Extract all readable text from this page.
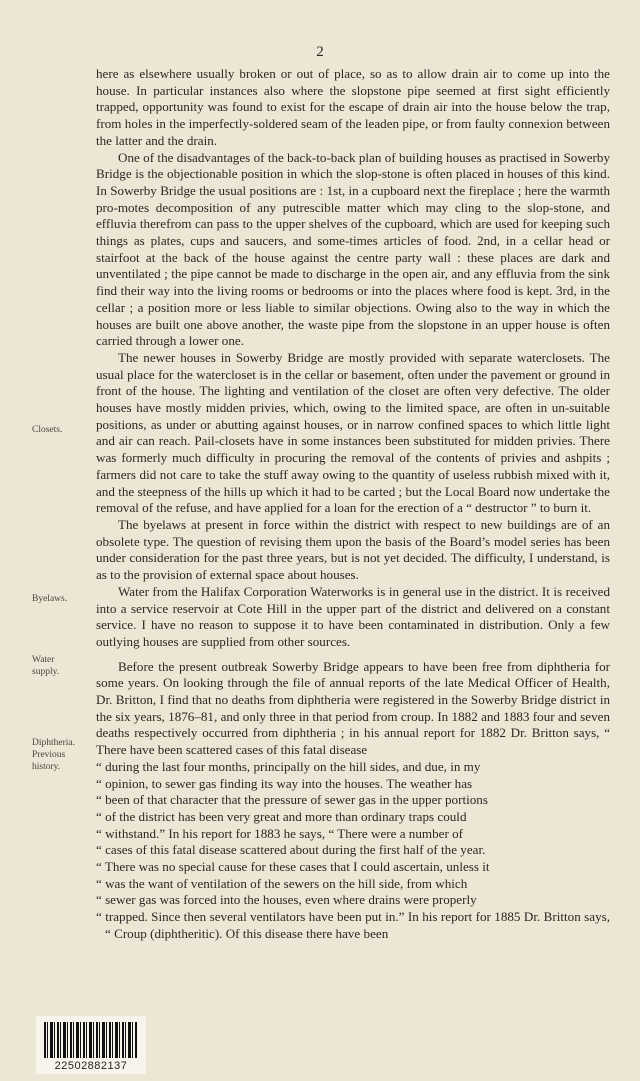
2
Closets.
Byelaws.
Water
supply.
Diphtheria.
Previous
history.

here as elsewhere usually broken or out of place, so as to allow drain air to come up into the house. In particular instances also where the slopstone pipe seemed at first sight efficiently trapped, opportunity was found to exist for the escape of drain air into the house below the trap, from holes in the imperfectly-soldered seam of the leaden pipe, or from faulty connexion between the latter and the drain.

One of the disadvantages of the back-to-back plan of building houses as practised in Sowerby Bridge is the objectionable position in which the slop-stone is often placed in houses of this kind. In Sowerby Bridge the usual positions are : 1st, in a cupboard next the fireplace ; here the warmth pro-motes decomposition of any putrescible matter which may cling to the slop-stone, and effluvia therefrom can pass to the upper shelves of the cupboard, which are used for keeping such things as plates, cups and saucers, and some-times articles of food. 2nd, in a cellar head or stairfoot at the back of the house against the centre party wall : these places are dark and unventilated ; the pipe cannot be made to discharge in the open air, and any effluvia from the sink find their way into the living rooms or bedrooms or into the places where food is kept. 3rd, in the cellar ; a position more or less liable to similar objections. Owing also to the way in which the houses are built one above another, the waste pipe from the slopstone in an upper house is often carried through a lower one.

The newer houses in Sowerby Bridge are mostly provided with separate waterclosets. The usual place for the watercloset is in the cellar or basement, often under the pavement or ground in front of the house. The lighting and ventilation of the closet are often very defective. The older houses have mostly midden privies, which, owing to the limited space, are often in un-suitable positions, as under or abutting against houses, or in narrow confined spaces to which little light and air can reach. Pail-closets have in some instances been substituted for midden privies. There was formerly much difficulty in procuring the removal of the contents of privies and ashpits ; farmers did not care to take the stuff away owing to the quantity of useless rubbish mixed with it, and the steepness of the hills up which it had to be carted ; but the Local Board now undertake the removal of the refuse, and have applied for a loan for the erection of a “ destructor ” to burn it.

The byelaws at present in force within the district with respect to new buildings are of an obsolete type. The question of revising them upon the basis of the Board’s model series has been under consideration for the past three years, but is not yet decided. The difficulty, I understand, is as to the provision of external space about houses.

Water from the Halifax Corporation Waterworks is in general use in the district. It is received into a service reservoir at Cote Hill in the upper part of the district and delivered on a constant service. I have no reason to suppose it to have been contaminated in distribution. Only a few outlying houses are supplied from other sources.

Before the present outbreak Sowerby Bridge appears to have been free from diphtheria for some years. On looking through the file of annual reports of the late Medical Officer of Health, Dr. Britton, I find that no deaths from diphtheria were registered in the Sowerby Bridge district in the six years, 1876–81, and only three in that period from croup. In 1882 and 1883 four and seven deaths respectively occurred from diphtheria ; in his annual report for 1882 Dr. Britton says, “ There have been scattered cases of this fatal disease

“ during the last four months, principally on the hill sides, and due, in my

“ opinion, to sewer gas finding its way into the houses. The weather has

“ been of that character that the pressure of sewer gas in the upper portions

“ of the district has been very great and more than ordinary traps could

“ withstand.” In his report for 1883 he says, “ There were a number of

“ cases of this fatal disease scattered about during the first half of the year.

“ There was no special cause for these cases that I could ascertain, unless it

“ was the want of ventilation of the sewers on the hill side, from which

“ sewer gas was forced into the houses, even where drains were properly

“ trapped. Since then several ventilators have been put in.” In his report for 1885 Dr. Britton says, “ Croup (diphtheritic). Of this disease there have been

22502882137
